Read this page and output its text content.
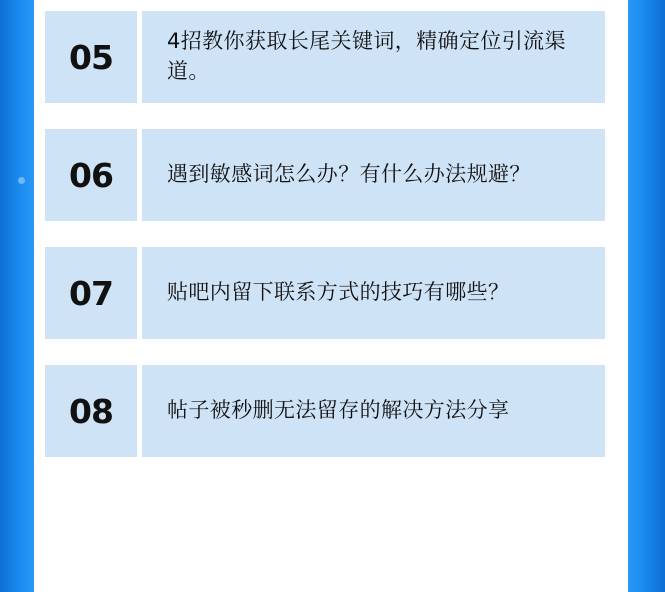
05	4招教你获取长尾关键词，精确定位引流渠道。
06	遇到敏感词怎么办？有什么办法规避？
07	贴吧内留下联系方式的技巧有哪些？
08	帖子被秒删无法留存的解决方法分享
